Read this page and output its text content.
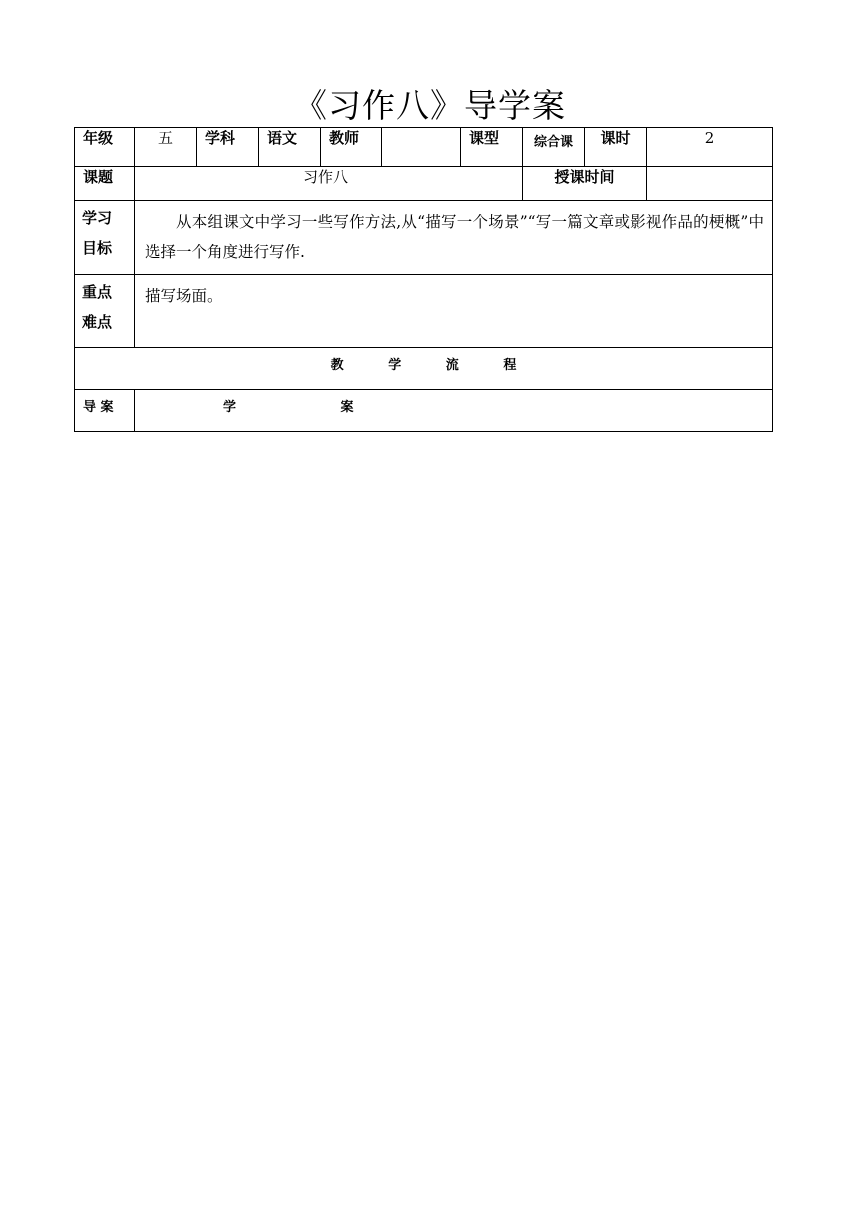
《习作八》导学案
年级	五	学科	语文	教师		课型	综合课	课时	2
课题	习作八						授课时间		

学习
目标	从本组课文中学习一些写作方法,从“描写一个场景”“写一篇文章或影视作品的梗概”中选择一个角度进行写作.								

重点
难点	描写场面。								
教 学 流 程									
导 案	学 案								
